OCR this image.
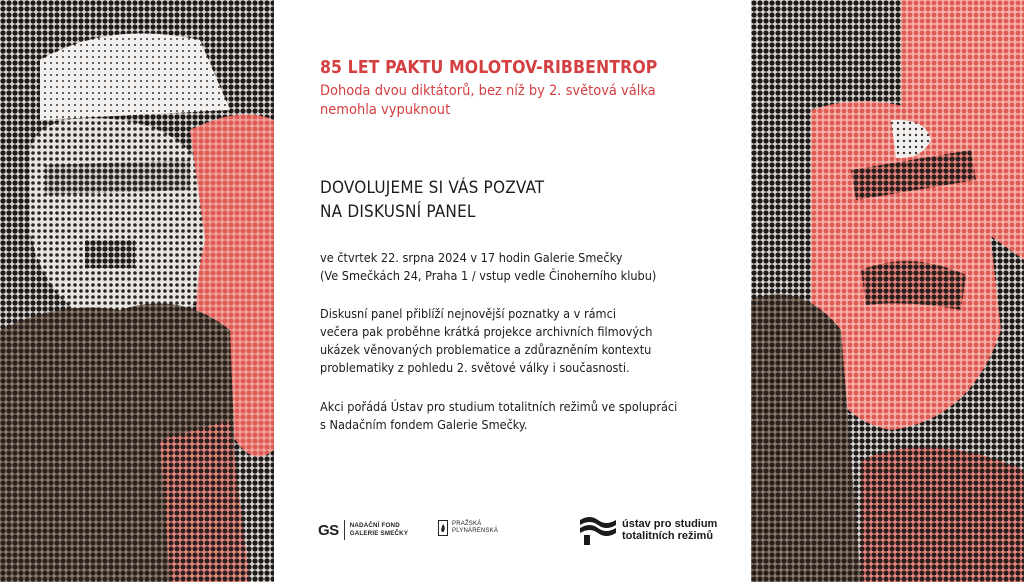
85 LET PAKTU MOLOTOV-RIBBENTROP
Dohoda dvou diktátorů, bez níž by 2. světová válka
nemohla vypuknout
DOVOLUJEME SI VÁS POZVAT
NA DISKUSNÍ PANEL
ve čtvrtek 22. srpna 2024 v 17 hodin Galerie Smečky
(Ve Smečkách 24, Praha 1 / vstup vedle Činoherního klubu)
Diskusní panel přiblíží nejnovější poznatky a v rámci
večera pak proběhne krátká projekce archivních filmových
ukázek věnovaných problematice a zdůrazněním kontextu
problematiky z pohledu 2. světové války i současnosti.
Akci pořádá Ústav pro studium totalitních režimů ve spolupráci
s Nadačním fondem Galerie Smečky.
GS NADAČNÍ FOND
GALERIE SMEČKY
PRAŽSKÁ
PLYNÁRENSKÁ
ústav pro studium
totalitních režimů
